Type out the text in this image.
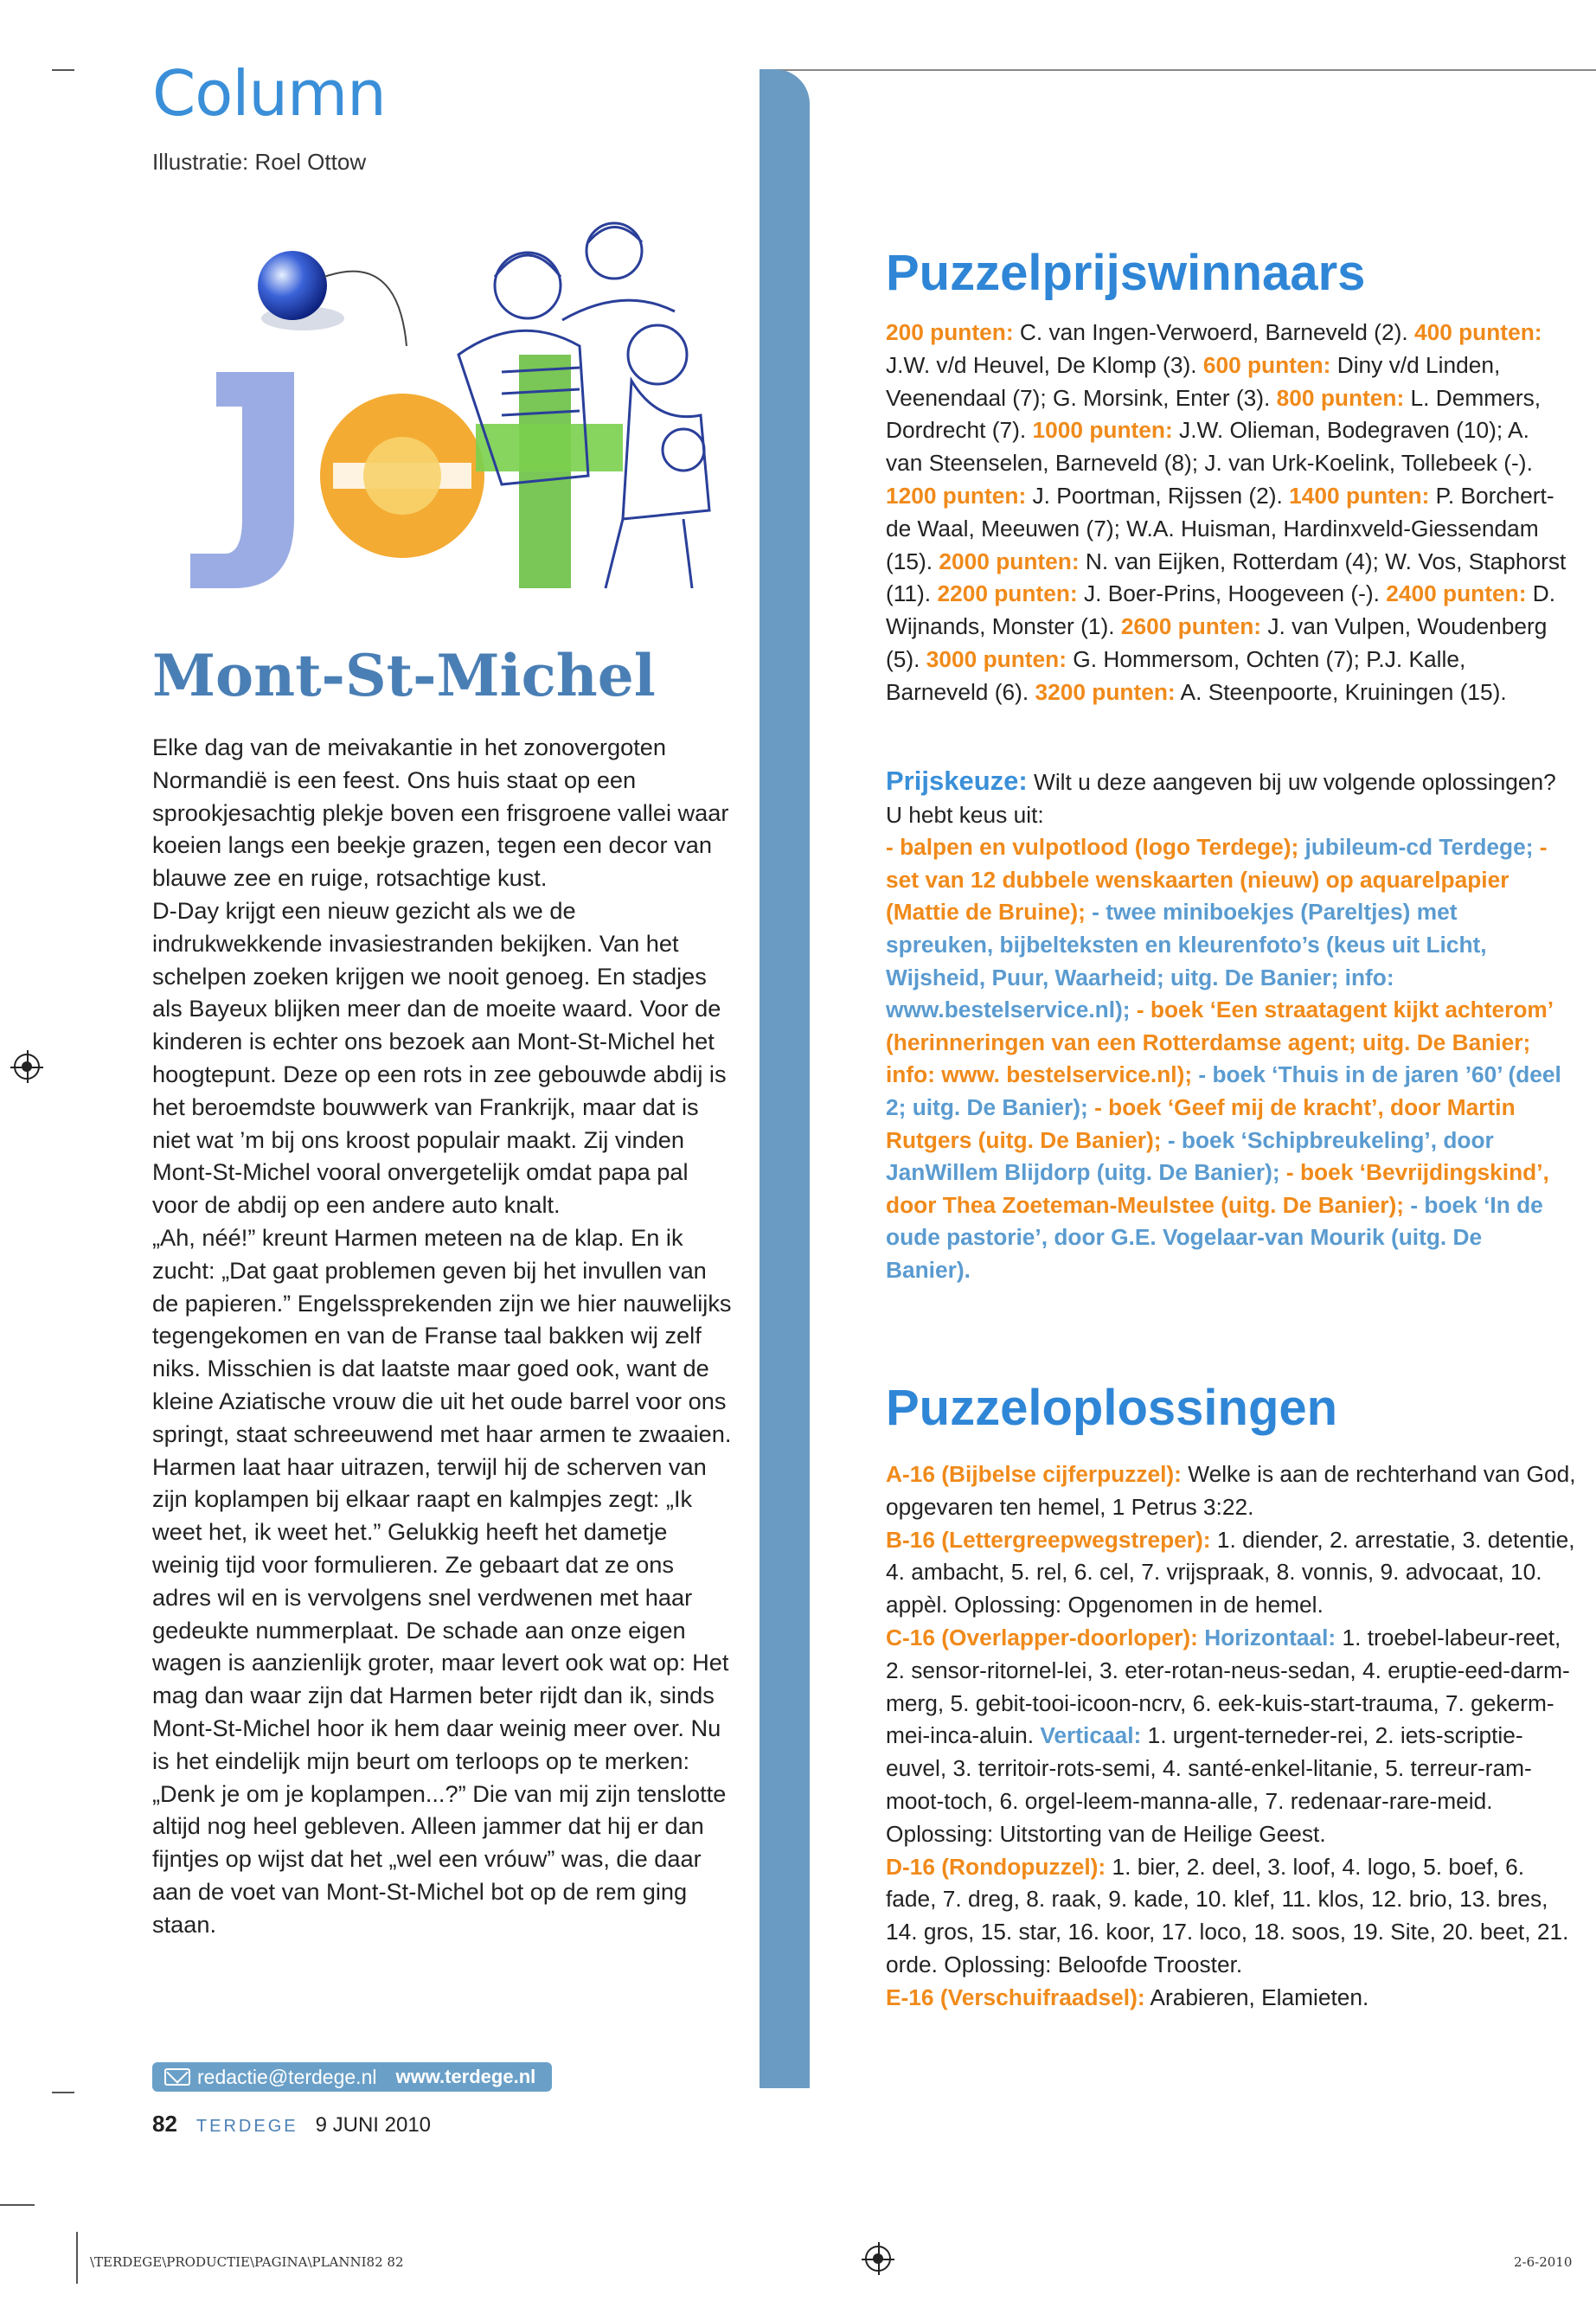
Column
Illustratie: Roel Ottow
Mont-St-Michel

Elke dag van de meivakantie in het zonovergoten Normandië is een feest. Ons huis staat op een sprookjesachtig plekje boven een frisgroene vallei waar koeien langs een beekje grazen, tegen een decor van blauwe zee en ruige, rotsachtige kust.

D-Day krijgt een nieuw gezicht als we de indrukwekkende invasiestranden bekijken. Van het schelpen zoeken krijgen we nooit genoeg. En stadjes als Bayeux blijken meer dan de moeite waard. Voor de kinderen is echter ons bezoek aan Mont-St-Michel het hoogtepunt. Deze op een rots in zee gebouwde abdij is het beroemdste bouwwerk van Frankrijk, maar dat is niet wat ’m bij ons kroost populair maakt. Zij vinden Mont-St-Michel vooral onvergetelijk omdat papa pal voor de abdij op een andere auto knalt.

„Ah, néé!” kreunt Harmen meteen na de klap. En ik zucht: „Dat gaat problemen geven bij het invullen van de papieren.” Engelssprekenden zijn we hier nauwelijks tegengekomen en van de Franse taal bakken wij zelf niks. Misschien is dat laatste maar goed ook, want de kleine Aziatische vrouw die uit het oude barrel voor ons springt, staat schreeuwend met haar armen te zwaaien. Harmen laat haar uitrazen, terwijl hij de scherven van zijn koplampen bij elkaar raapt en kalmpjes zegt: „Ik weet het, ik weet het.” Gelukkig heeft het dametje weinig tijd voor formulieren. Ze gebaart dat ze ons adres wil en is vervolgens snel verdwenen met haar gedeukte nummerplaat. De schade aan onze eigen wagen is aanzienlijk groter, maar levert ook wat op: Het mag dan waar zijn dat Harmen beter rijdt dan ik, sinds Mont-St-Michel hoor ik hem daar weinig meer over. Nu is het eindelijk mijn beurt om terloops op te merken: „Denk je om je koplampen...?” Die van mij zijn tenslotte altijd nog heel gebleven. Alleen jammer dat hij er dan fijntjes op wijst dat het „wel een vróuw” was, die daar aan de voet van Mont-St-Michel bot op de rem ging staan.

redactie@terdege.nl www.terdege.nl
82 TERDEGE 9 JUNI 2010
Puzzelprijswinnaars
200 punten: C. van Ingen-Verwoerd, Barneveld (2). 400 punten: J.W. v/d Heuvel, De Klomp (3). 600 punten: Diny v/d Linden, Veenendaal (7); G. Morsink, Enter (3). 800 punten: L. Demmers, Dordrecht (7). 1000 punten: J.W. Olieman, Bodegraven (10); A. van Steenselen, Barneveld (8); J. van Urk-Koelink, Tollebeek (-). 1200 punten: J. Poortman, Rijssen (2). 1400 punten: P. Borchert-de Waal, Meeuwen (7); W.A. Huisman, Hardinxveld-Giessendam (15). 2000 punten: N. van Eijken, Rotterdam (4); W. Vos, Staphorst (11). 2200 punten: J. Boer-Prins, Hoogeveen (-). 2400 punten: D. Wijnands, Monster (1). 2600 punten: J. van Vulpen, Woudenberg (5). 3000 punten: G. Hommersom, Ochten (7); P.J. Kalle, Barneveld (6). 3200 punten: A. Steenpoorte, Kruiningen (15).
Prijskeuze: Wilt u deze aangeven bij uw volgende oplossingen? U hebt keus uit:
- balpen en vulpotlood (logo Terdege); jubileum-cd Terdege; - set van 12 dubbele wenskaarten (nieuw) op aquarelpapier (Mattie de Bruine); - twee miniboekjes (Pareltjes) met spreuken, bijbelteksten en kleurenfoto’s (keus uit Licht, Wijsheid, Puur, Waarheid; uitg. De Banier; info: www.bestelservice.nl); - boek ‘Een straatagent kijkt achterom’ (herinneringen van een Rotterdamse agent; uitg. De Banier; info: www. bestelservice.nl); - boek ‘Thuis in de jaren ’60’ (deel 2; uitg. De Banier); - boek ‘Geef mij de kracht’, door Martin Rutgers (uitg. De Banier); - boek ‘Schipbreukeling’, door JanWillem Blijdorp (uitg. De Banier); - boek ‘Bevrijdingskind’, door Thea Zoeteman-Meulstee (uitg. De Banier); - boek ‘In de oude pastorie’, door G.E. Vogelaar-van Mourik (uitg. De Banier).
Puzzeloplossingen
A-16 (Bijbelse cijferpuzzel): Welke is aan de rechterhand van God, opgevaren ten hemel, 1 Petrus 3:22.
B-16 (Lettergreepwegstreper): 1. diender, 2. arrestatie, 3. detentie, 4. ambacht, 5. rel, 6. cel, 7. vrijspraak, 8. vonnis, 9. advocaat, 10. appèl. Oplossing: Opgenomen in de hemel.
C-16 (Overlapper-doorloper): Horizontaal: 1. troebel-labeur-reet, 2. sensor-ritornel-lei, 3. eter-rotan-neus-sedan, 4. eruptie-eed-darm-merg, 5. gebit-tooi-icoon-ncrv, 6. eek-kuis-start-trauma, 7. gekerm-mei-inca-aluin. Verticaal: 1. urgent-terneder-rei, 2. iets-scriptie-euvel, 3. territoir-rots-semi, 4. santé-enkel-litanie, 5. terreur-ram-moot-toch, 6. orgel-leem-manna-alle, 7. redenaar-rare-meid. Oplossing: Uitstorting van de Heilige Geest.
D-16 (Rondopuzzel): 1. bier, 2. deel, 3. loof, 4. logo, 5. boef, 6. fade, 7. dreg, 8. raak, 9. kade, 10. klef, 11. klos, 12. brio, 13. bres, 14. gros, 15. star, 16. koor, 17. loco, 18. soos, 19. Site, 20. beet, 21. orde. Oplossing: Beloofde Trooster.
E-16 (Verschuifraadsel): Arabieren, Elamieten.
\TERDEGE\PRODUCTIE\PAGINA\PLANNI82 82	2-6-2010
